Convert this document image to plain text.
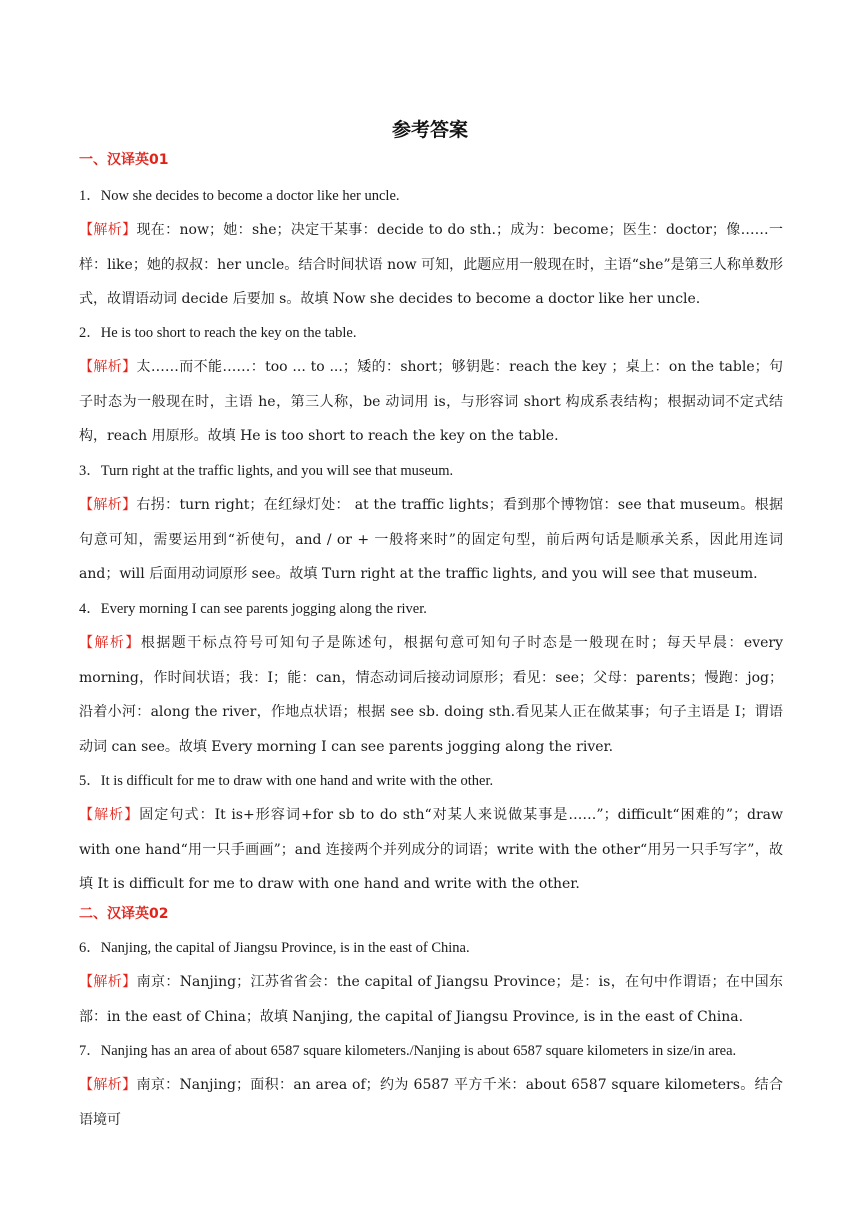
参考答案
一、汉译英01

1．Now she decides to become a doctor like her uncle.

【解析】现在：now；她：she；决定干某事：decide to do sth.；成为：become；医生：doctor；像……一样：like；她的叔叔：her uncle。结合时间状语 now 可知，此题应用一般现在时，主语“she”是第三人称单数形式，故谓语动词 decide 后要加 s。故填 Now she decides to become a doctor like her uncle.

2．He is too short to reach the key on the table.

【解析】太……而不能……：too ... to ...；矮的：short；够钥匙：reach the key ；桌上：on the table；句子时态为一般现在时，主语 he，第三人称，be 动词用 is，与形容词 short 构成系表结构；根据动词不定式结构，reach 用原形。故填 He is too short to reach the key on the table.

3．Turn right at the traffic lights, and you will see that museum.

【解析】右拐：turn right；在红绿灯处： at the traffic lights；看到那个博物馆：see that museum。根据句意可知，需要运用到“祈使句，and / or + 一般将来时”的固定句型，前后两句话是顺承关系，因此用连词 and；will 后面用动词原形 see。故填 Turn right at the traffic lights, and you will see that museum.

4．Every morning I can see parents jogging along the river.

【解析】根据题干标点符号可知句子是陈述句，根据句意可知句子时态是一般现在时；每天早晨：every morning，作时间状语；我：I；能：can，情态动词后接动词原形；看见：see；父母：parents；慢跑：jog；沿着小河：along the river，作地点状语；根据 see sb. doing sth.看见某人正在做某事；句子主语是 I；谓语动词 can see。故填 Every morning I can see parents jogging along the river.

5．It is difficult for me to draw with one hand and write with the other.

【解析】固定句式：It is+形容词+for sb to do sth“对某人来说做某事是……”；difficult“困难的”；draw with one hand“用一只手画画”；and 连接两个并列成分的词语；write with the other“用另一只手写字”，故填 It is difficult for me to draw with one hand and write with the other.

二、汉译英02

6．Nanjing, the capital of Jiangsu Province, is in the east of China.

【解析】南京：Nanjing；江苏省省会：the capital of Jiangsu Province；是：is，在句中作谓语；在中国东部：in the east of China；故填 Nanjing, the capital of Jiangsu Province, is in the east of China.

7．Nanjing has an area of about 6587 square kilometers./Nanjing is about 6587 square kilometers in size/in area.

【解析】南京：Nanjing；面积：an area of；约为 6587 平方千米：about 6587 square kilometers。结合语境可
